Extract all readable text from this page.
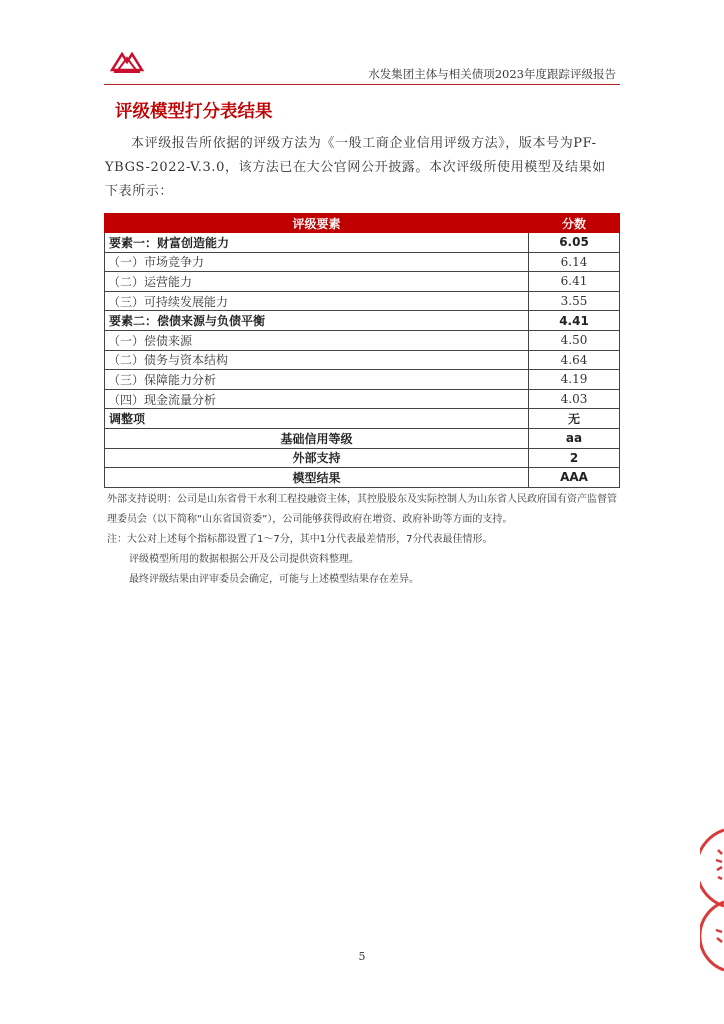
水发集团主体与相关债项2023年度跟踪评级报告
评级模型打分表结果
本评级报告所依据的评级方法为《一般工商企业信用评级方法》，版本号为PF-YBGS-2022-V.3.0，该方法已在大公官网公开披露。本次评级所使用模型及结果如下表所示：
评级要素	分数
要素一：财富创造能力	6.05
（一）市场竞争力	6.14
（二）运营能力	6.41
（三）可持续发展能力	3.55
要素二：偿债来源与负债平衡	4.41
（一）偿债来源	4.50
（二）债务与资本结构	4.64
（三）保障能力分析	4.19
（四）现金流量分析	4.03
调整项	无
基础信用等级	aa
外部支持	2
模型结果	AAA

外部支持说明：公司是山东省骨干水利工程投融资主体，其控股股东及实际控制人为山东省人民政府国有资产监督管理委员会（以下简称“山东省国资委”），公司能够获得政府在增资、政府补助等方面的支持。

注：大公对上述每个指标都设置了1～7分，其中1分代表最差情形，7分代表最佳情形。

评级模型所用的数据根据公开及公司提供资料整理。

最终评级结果由评审委员会确定，可能与上述模型结果存在差异。

5
